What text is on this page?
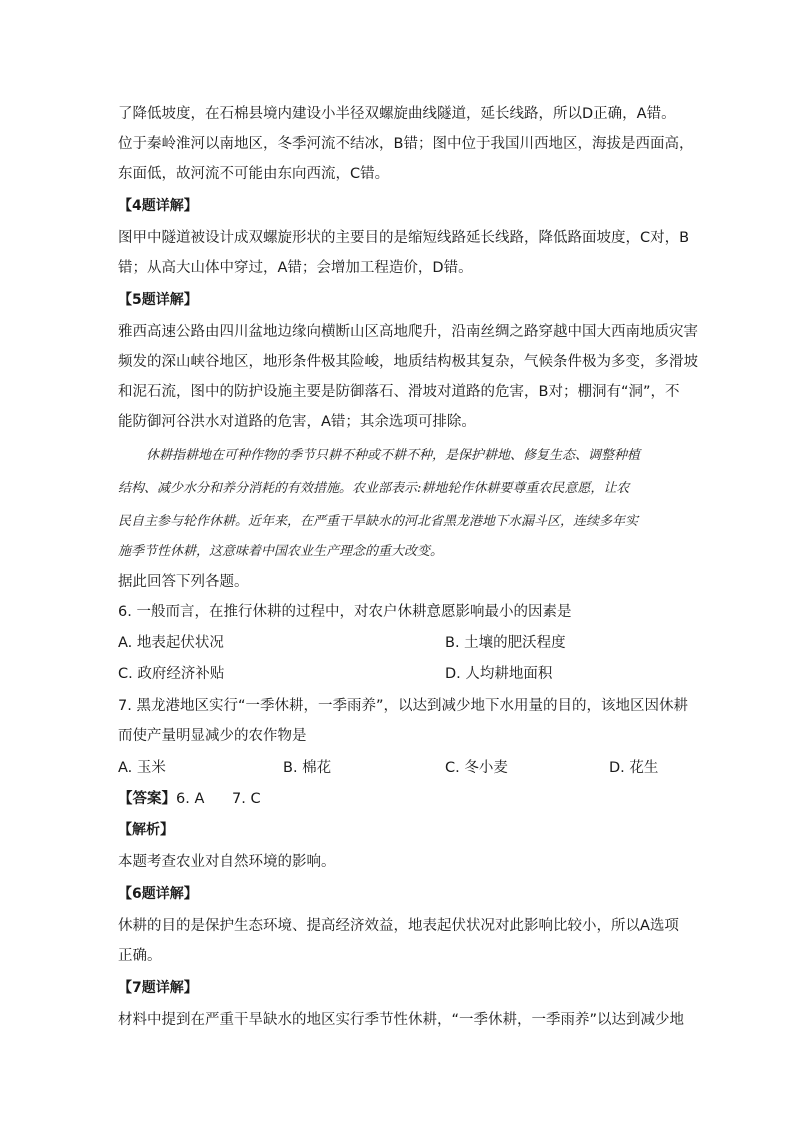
了降低坡度，在石棉县境内建设小半径双螺旋曲线隧道，延长线路，所以D正确，A错。
位于秦岭淮河以南地区，冬季河流不结冰，B错；图中位于我国川西地区，海拔是西面高，
东面低，故河流不可能由东向西流，C错。
【4题详解】
图甲中隧道被设计成双螺旋形状的主要目的是缩短线路延长线路，降低路面坡度，C对，B
错；从高大山体中穿过，A错；会增加工程造价，D错。
【5题详解】
雅西高速公路由四川盆地边缘向横断山区高地爬升，沿南丝绸之路穿越中国大西南地质灾害
频发的深山峡谷地区，地形条件极其险峻，地质结构极其复杂，气候条件极为多变，多滑坡
和泥石流，图中的防护设施主要是防御落石、滑坡对道路的危害，B对；棚洞有“洞”，不
能防御河谷洪水对道路的危害，A错；其余选项可排除。
休耕指耕地在可种作物的季节只耕不种或不耕不种，是保护耕地、修复生态、调整种植
结构、减少水分和养分消耗的有效措施。农业部表示:耕地轮作休耕要尊重农民意愿，让农
民自主参与轮作休耕。近年来，在严重干旱缺水的河北省黑龙港地下水漏斗区，连续多年实
施季节性休耕，这意味着中国农业生产理念的重大改变。
据此回答下列各题。
6. 一般而言，在推行休耕的过程中，对农户休耕意愿影响最小的因素是
A. 地表起伏状况	B. 土壤的肥沃程度
C. 政府经济补贴	D. 人均耕地面积
7. 黑龙港地区实行“一季休耕，一季雨养”，以达到减少地下水用量的目的，该地区因休耕
而使产量明显减少的农作物是
A. 玉米	B. 棉花	C. 冬小麦	D. 花生
【答案】6. A      7. C
【解析】
本题考查农业对自然环境的影响。
【6题详解】
休耕的目的是保护生态环境、提高经济效益，地表起伏状况对此影响比较小，所以A选项
正确。
【7题详解】
材料中提到在严重干旱缺水的地区实行季节性休耕，“一季休耕，一季雨养”以达到减少地
